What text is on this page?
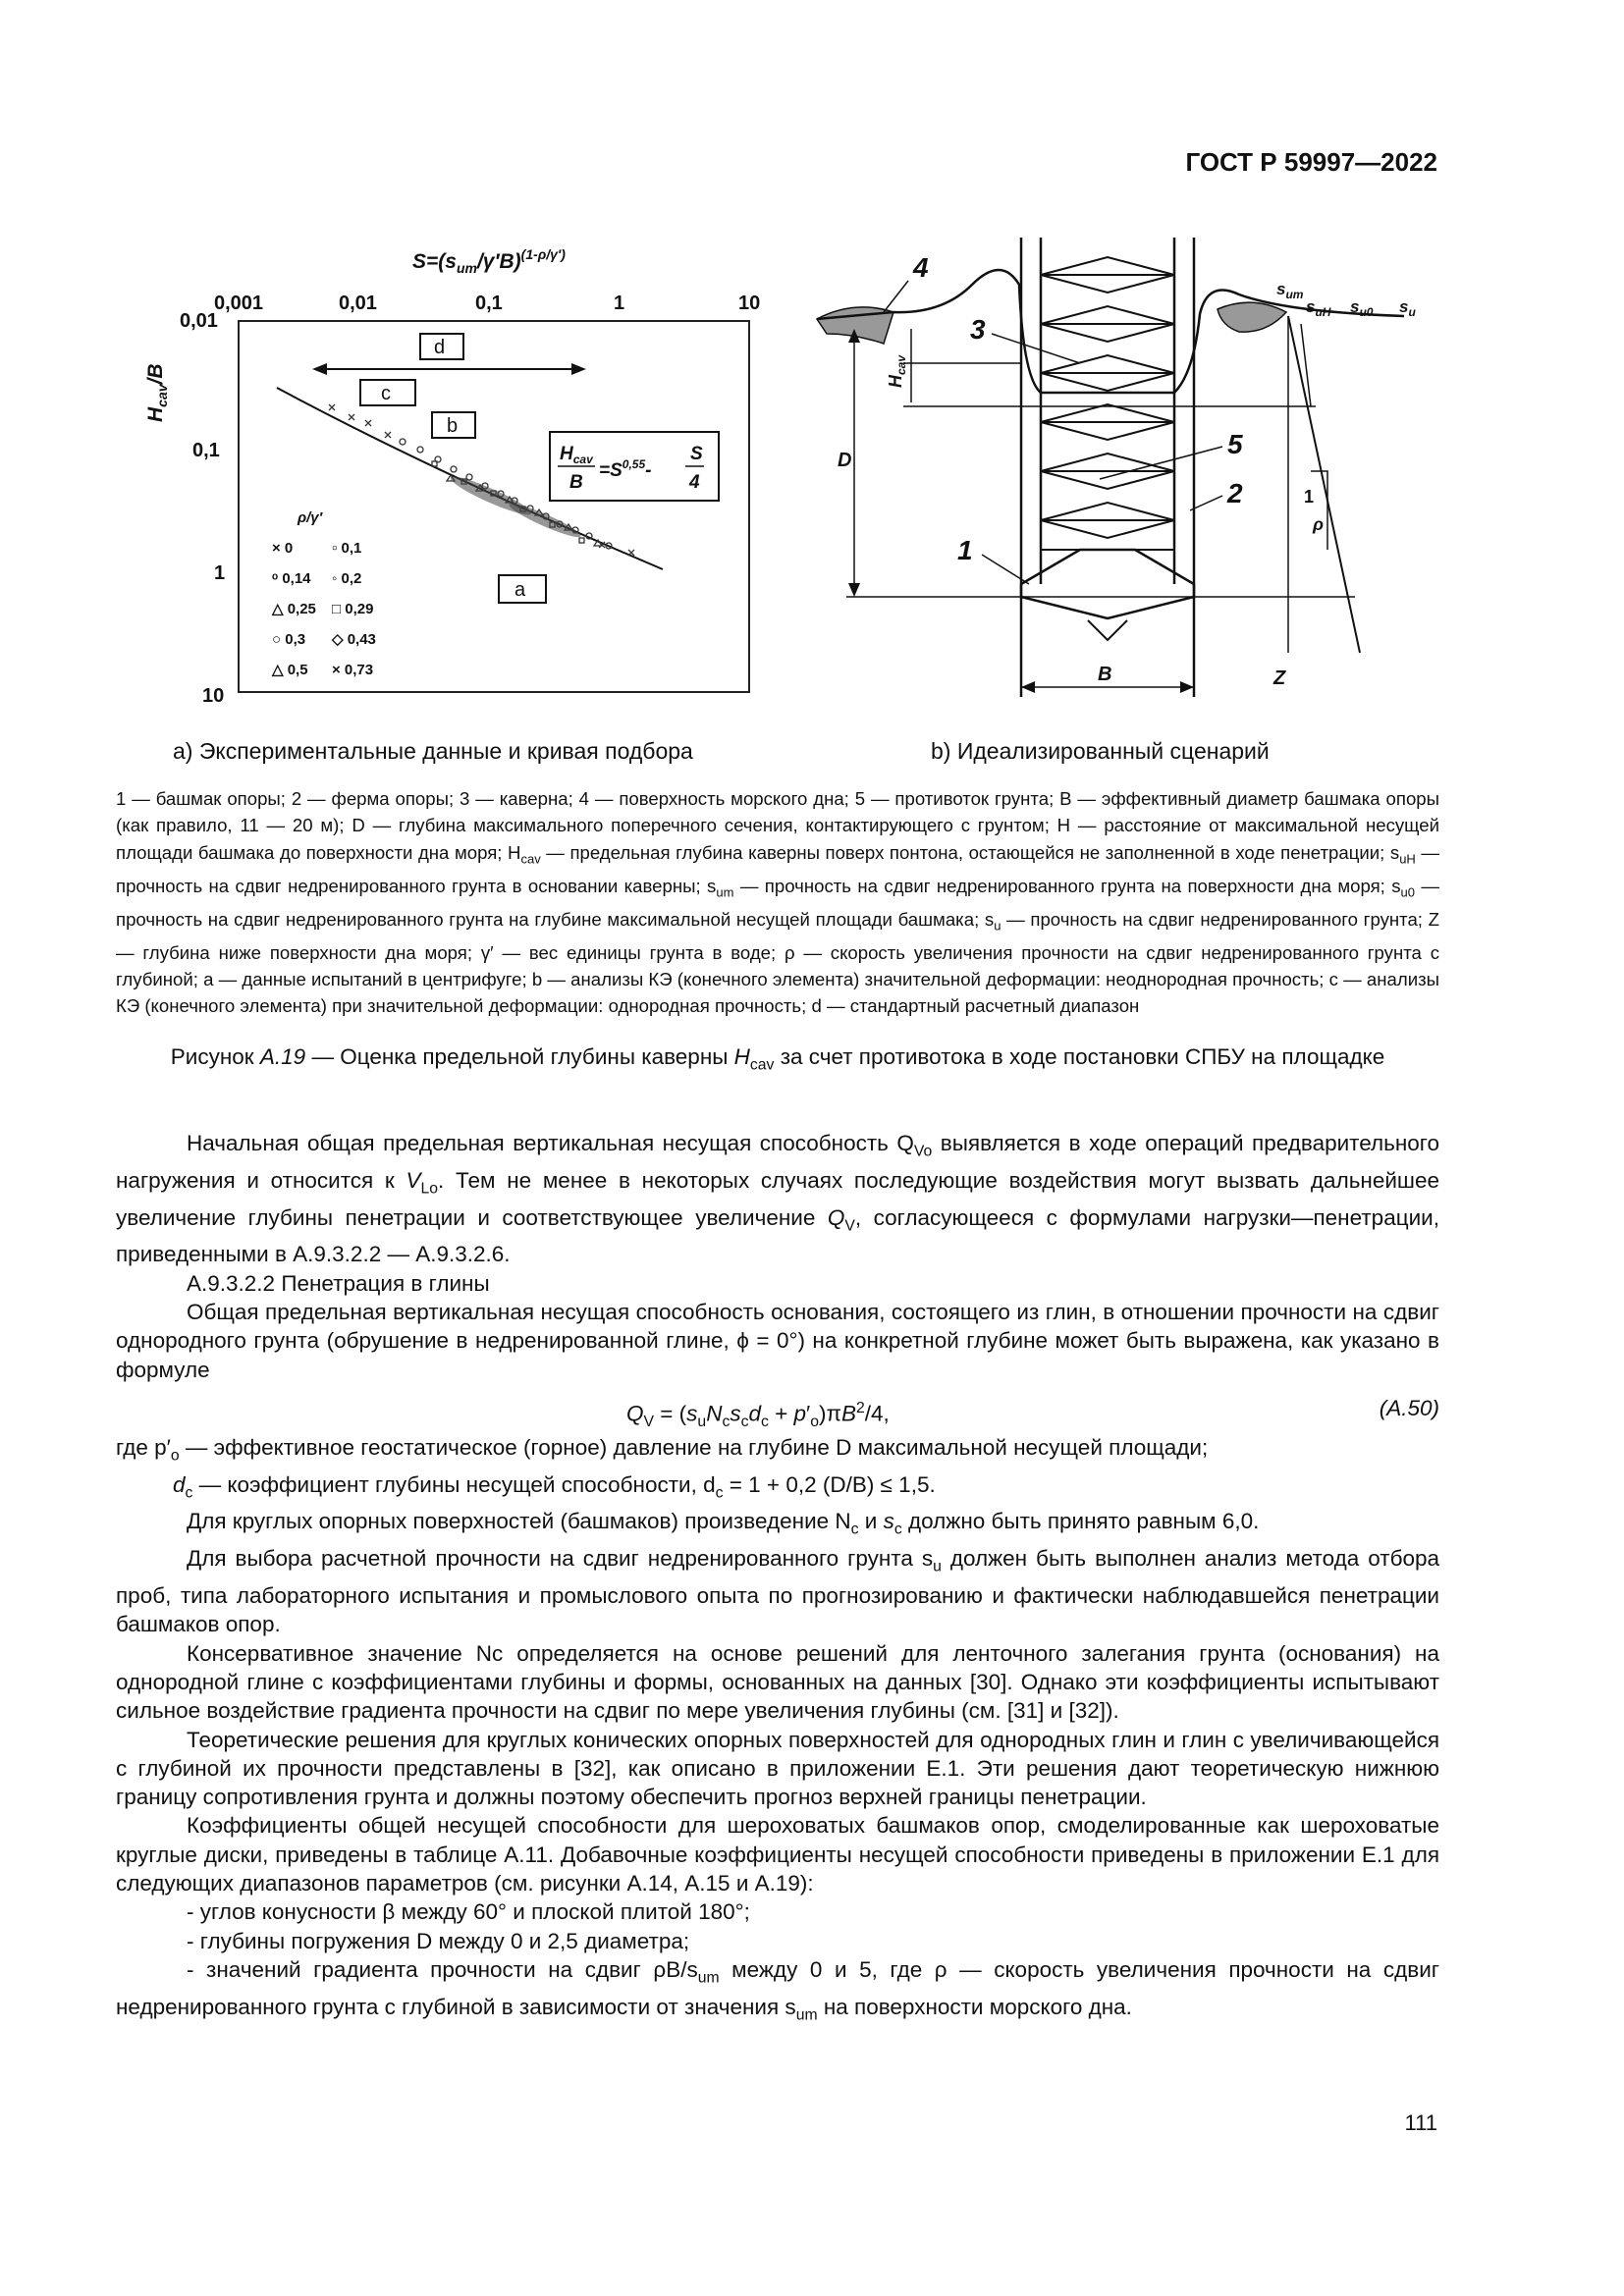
ГОСТ Р 59997—2022
$S=(s_{um}/\gamma'B)^{(1-\rho/\gamma')}$
0,001	0,01	0,1	1	10
0,01
0,1
1
10
$H_{cav}/B$
d
c
b
a
$H_{cav}$
B
$=S^{0,55}-$
S
4
ρ/γ′
× 0	▫ 0,1
ᵒ 0,14 ◦ 0,2
△ 0,25 □ 0,29
○ 0,3 ◇ 0,43
△ 0,5 × 0,73
D
$H_{cav}$
B	Z
1
ρ
$s_{um}$
$s_{uH}$ $s_{u0}$ $s_u$
4
3
5
2
1
a) Экспериментальные данные и кривая подбора	b) Идеализированный сценарий
1 — башмак опоры; 2 — ферма опоры; 3 — каверна; 4 — поверхность морского дна; 5 — противоток грунта; B — эффективный диаметр башмака опоры (как правило, 11 — 20 м); D — глубина максимального поперечного сечения, контактирующего с грунтом; H — расстояние от максимальной несущей площади башмака до поверхности дна моря; $H_{cav}$ — предельная глубина каверны поверх понтона, остающейся не заполненной в ходе пенетрации; $s_{uH}$ — прочность на сдвиг недренированного грунта в основании каверны; $s_{um}$ — прочность на сдвиг недренированного грунта на поверхности дна моря; $s_{u0}$ — прочность на сдвиг недренированного грунта на глубине максимальной несущей площади башмака; $s_u$ — прочность на сдвиг недренированного грунта; Z — глубина ниже поверхности дна моря; γ′ — вес единицы грунта в воде; ρ — скорость увеличения прочности на сдвиг недренированного грунта с глубиной; a — данные испытаний в центрифуге; b — анализы КЭ (конечного элемента) значительной деформации: неоднородная прочность; c — анализы КЭ (конечного элемента) при значительной деформации: однородная прочность; d — стандартный расчетный диапазон
Рисунок А.19 — Оценка предельной глубины каверны $H_{cav}$ за счет противотока в ходе постановки СПБУ на площадке

Начальная общая предельная вертикальная несущая способность $Q_{Vo}$ выявляется в ходе операций предварительного нагружения и относится к $V_{Lo}$. Тем не менее в некоторых случаях последующие воздействия могут вызвать дальнейшее увеличение глубины пенетрации и соответствующее увеличение $Q_V$, согласующееся с формулами нагрузки—пенетрации, приведенными в А.9.3.2.2 — А.9.3.2.6.

А.9.3.2.2 Пенетрация в глины

Общая предельная вертикальная несущая способность основания, состоящего из глин, в отношении прочности на сдвиг однородного грунта (обрушение в недренированной глине, ϕ = 0°) на конкретной глубине может быть выражена, как указано в формуле

$Q_V = (s_uN_cs_cd_c + p'_o)\pi B^2/4$,	(А.50)

где $p'_o$ — эффективное геостатическое (горное) давление на глубине D максимальной несущей площади;

$d_c$ — коэффициент глубины несущей способности, $d_c = 1 + 0,2$ (D/B) ≤ 1,5.

Для круглых опорных поверхностей (башмаков) произведение $N_c$ и $s_c$ должно быть принято равным 6,0.

Для выбора расчетной прочности на сдвиг недренированного грунта $s_u$ должен быть выполнен анализ метода отбора проб, типа лабораторного испытания и промыслового опыта по прогнозированию и фактически наблюдавшейся пенетрации башмаков опор.

Консервативное значение Nc определяется на основе решений для ленточного залегания грунта (основания) на однородной глине с коэффициентами глубины и формы, основанных на данных [30]. Однако эти коэффициенты испытывают сильное воздействие градиента прочности на сдвиг по мере увеличения глубины (см. [31] и [32]).

Теоретические решения для круглых конических опорных поверхностей для однородных глин и глин с увеличивающейся с глубиной их прочности представлены в [32], как описано в приложении Е.1. Эти решения дают теоретическую нижнюю границу сопротивления грунта и должны поэтому обеспечить прогноз верхней границы пенетрации.

Коэффициенты общей несущей способности для шероховатых башмаков опор, смоделированные как шероховатые круглые диски, приведены в таблице А.11. Добавочные коэффициенты несущей способности приведены в приложении Е.1 для следующих диапазонов параметров (см. рисунки А.14, А.15 и А.19):

- углов конусности β между 60° и плоской плитой 180°;

- глубины погружения D между 0 и 2,5 диаметра;

- значений градиента прочности на сдвиг $\rho B/s_{um}$ между 0 и 5, где ρ — скорость увеличения прочности на сдвиг недренированного грунта с глубиной в зависимости от значения $s_{um}$ на поверхности морского дна.

111
